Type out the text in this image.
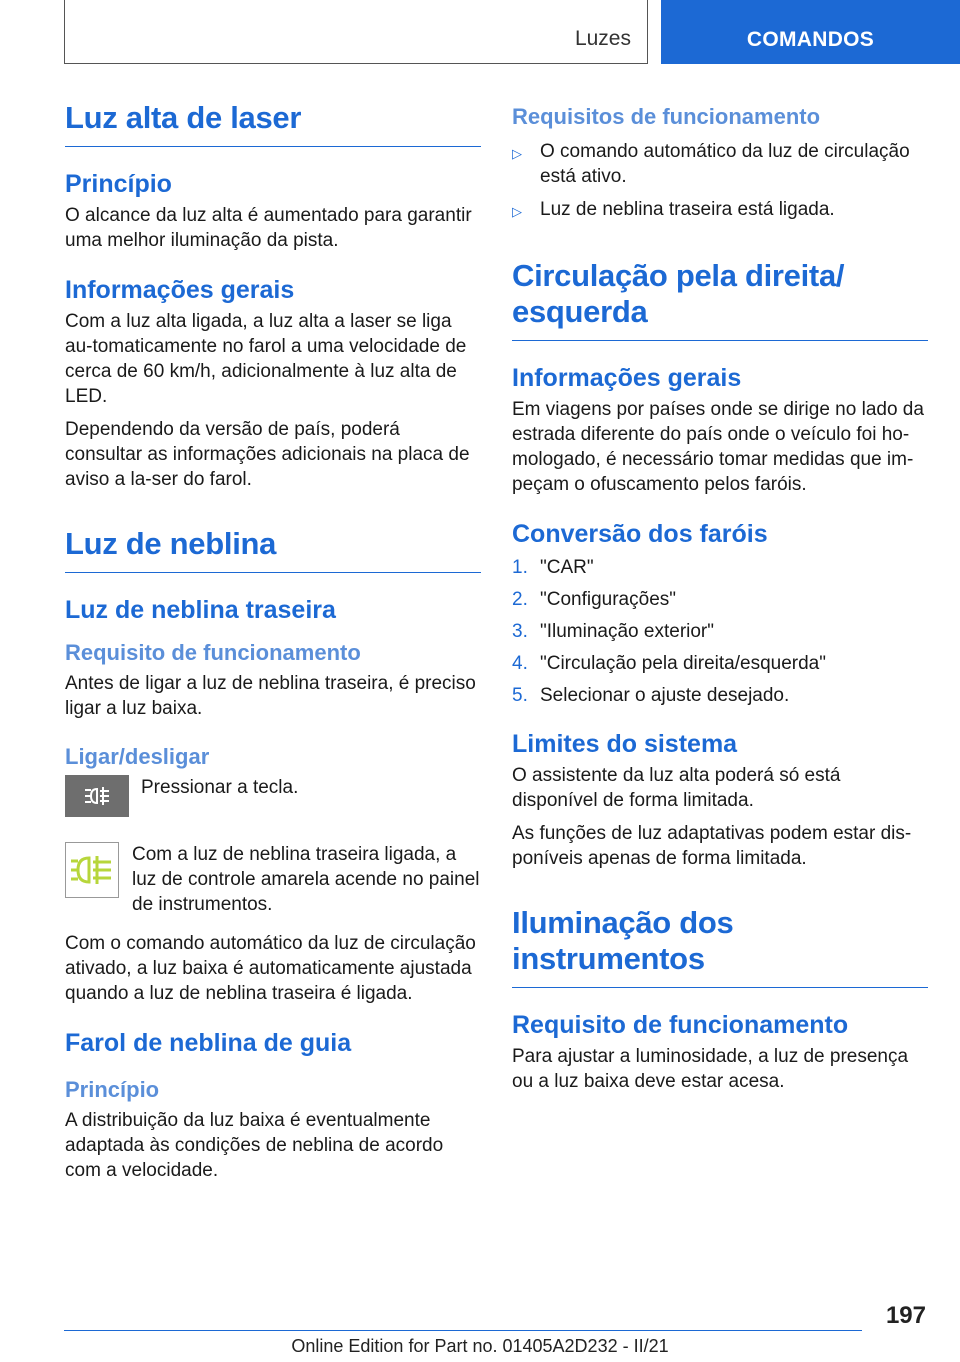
Luzes	COMANDOS
Luz alta de laser
Princípio
O alcance da luz alta é aumentado para garantir uma melhor iluminação da pista.
Informações gerais
Com a luz alta ligada, a luz alta a laser se liga au-tomaticamente no farol a uma velocidade de cerca de 60 km/h, adicionalmente à luz alta de LED.
Dependendo da versão de país, poderá consultar as informações adicionais na placa de aviso a la-ser do farol.
Luz de neblina
Luz de neblina traseira
Requisito de funcionamento
Antes de ligar a luz de neblina traseira, é preciso ligar a luz baixa.
Ligar/desligar
Pressionar a tecla.
Com a luz de neblina traseira ligada, a luz de controle amarela acende no painel de instrumentos.
Com o comando automático da luz de circulação ativado, a luz baixa é automaticamente ajustada quando a luz de neblina traseira é ligada.
Farol de neblina de guia
Princípio
A distribuição da luz baixa é eventualmente adaptada às condições de neblina de acordo com a velocidade.
Requisitos de funcionamento
▷ O comando automático da luz de circulação está ativo.
▷ Luz de neblina traseira está ligada.
Circulação pela direita/ esquerda
Informações gerais
Em viagens por países onde se dirige no lado da estrada diferente do país onde o veículo foi ho-mologado, é necessário tomar medidas que im-peçam o ofuscamento pelos faróis.
Conversão dos faróis
1. "CAR"
2. "Configurações"
3. "Iluminação exterior"
4. "Circulação pela direita/esquerda"
5. Selecionar o ajuste desejado.
Limites do sistema
O assistente da luz alta poderá só está disponível de forma limitada.
As funções de luz adaptativas podem estar dis-poníveis apenas de forma limitada.
Iluminação dos instrumentos
Requisito de funcionamento
Para ajustar a luminosidade, a luz de presença ou a luz baixa deve estar acesa.
197
Online Edition for Part no. 01405A2D232 - II/21
